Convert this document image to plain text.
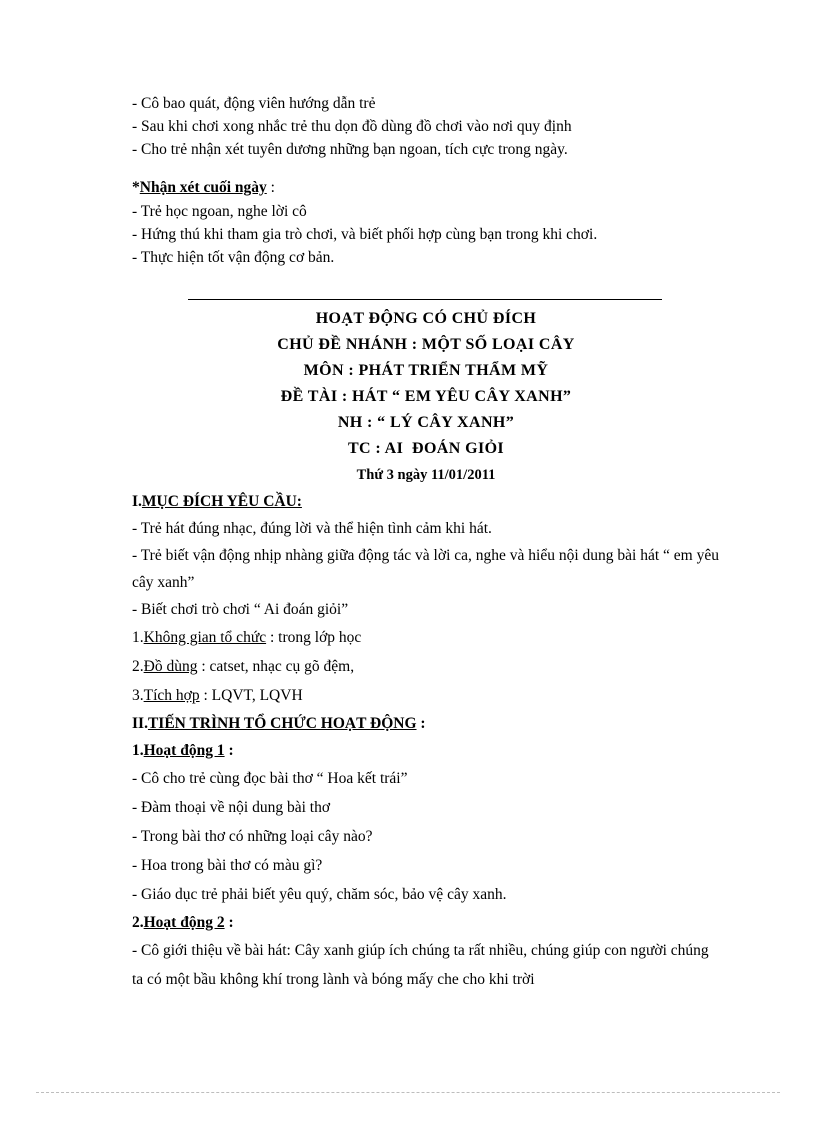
- Cô bao quát, động viên hướng dẫn trẻ
- Sau khi chơi xong nhắc trẻ thu dọn đồ dùng đồ chơi vào nơi quy định
- Cho trẻ nhận xét tuyên dương những bạn ngoan, tích cực trong ngày.
*Nhận xét cuối ngày :
- Trẻ học ngoan, nghe lời cô
- Hứng thú khi tham gia trò chơi, và biết phối hợp cùng bạn trong khi chơi.
- Thực hiện tốt vận động cơ bản.
HOẠT ĐỘNG CÓ CHỦ ĐÍCH
CHỦ ĐỀ NHÁNH : MỘT SỐ LOẠI CÂY
MÔN : PHÁT TRIỂN THẨM MỸ
ĐỀ TÀI : HÁT “ EM YÊU CÂY XANH”
NH : “ LÝ CÂY XANH”
TC : AI  ĐOÁN GIỎI
Thứ 3 ngày 11/01/2011
I.MỤC ĐÍCH YÊU CẦU:
- Trẻ hát đúng nhạc, đúng lời và thể hiện tình cảm khi hát.
- Trẻ biết vận động nhịp nhàng giữa động tác và lời ca, nghe và hiểu nội dung bài hát “ em yêu cây xanh”
- Biết chơi trò chơi “ Ai đoán giỏi”
1.Không gian tổ chức : trong lớp học
2.Đồ dùng : catset, nhạc cụ gõ đệm,
3.Tích hợp : LQVT, LQVH
II.TIẾN TRÌNH TỔ CHỨC HOẠT ĐỘNG :
1.Hoạt động 1 :
- Cô cho trẻ cùng đọc bài thơ “ Hoa kết trái”
- Đàm thoại về nội dung bài thơ
- Trong bài thơ có những loại cây nào?
- Hoa trong bài thơ có màu gì?
- Giáo dục trẻ phải biết yêu quý, chăm sóc, bảo vệ cây xanh.
2.Hoạt động 2 :
- Cô giới thiệu về bài hát: Cây xanh giúp ích chúng ta rất nhiều, chúng giúp con người chúng ta có một bầu không khí trong lành và bóng mấy che cho khi trời
